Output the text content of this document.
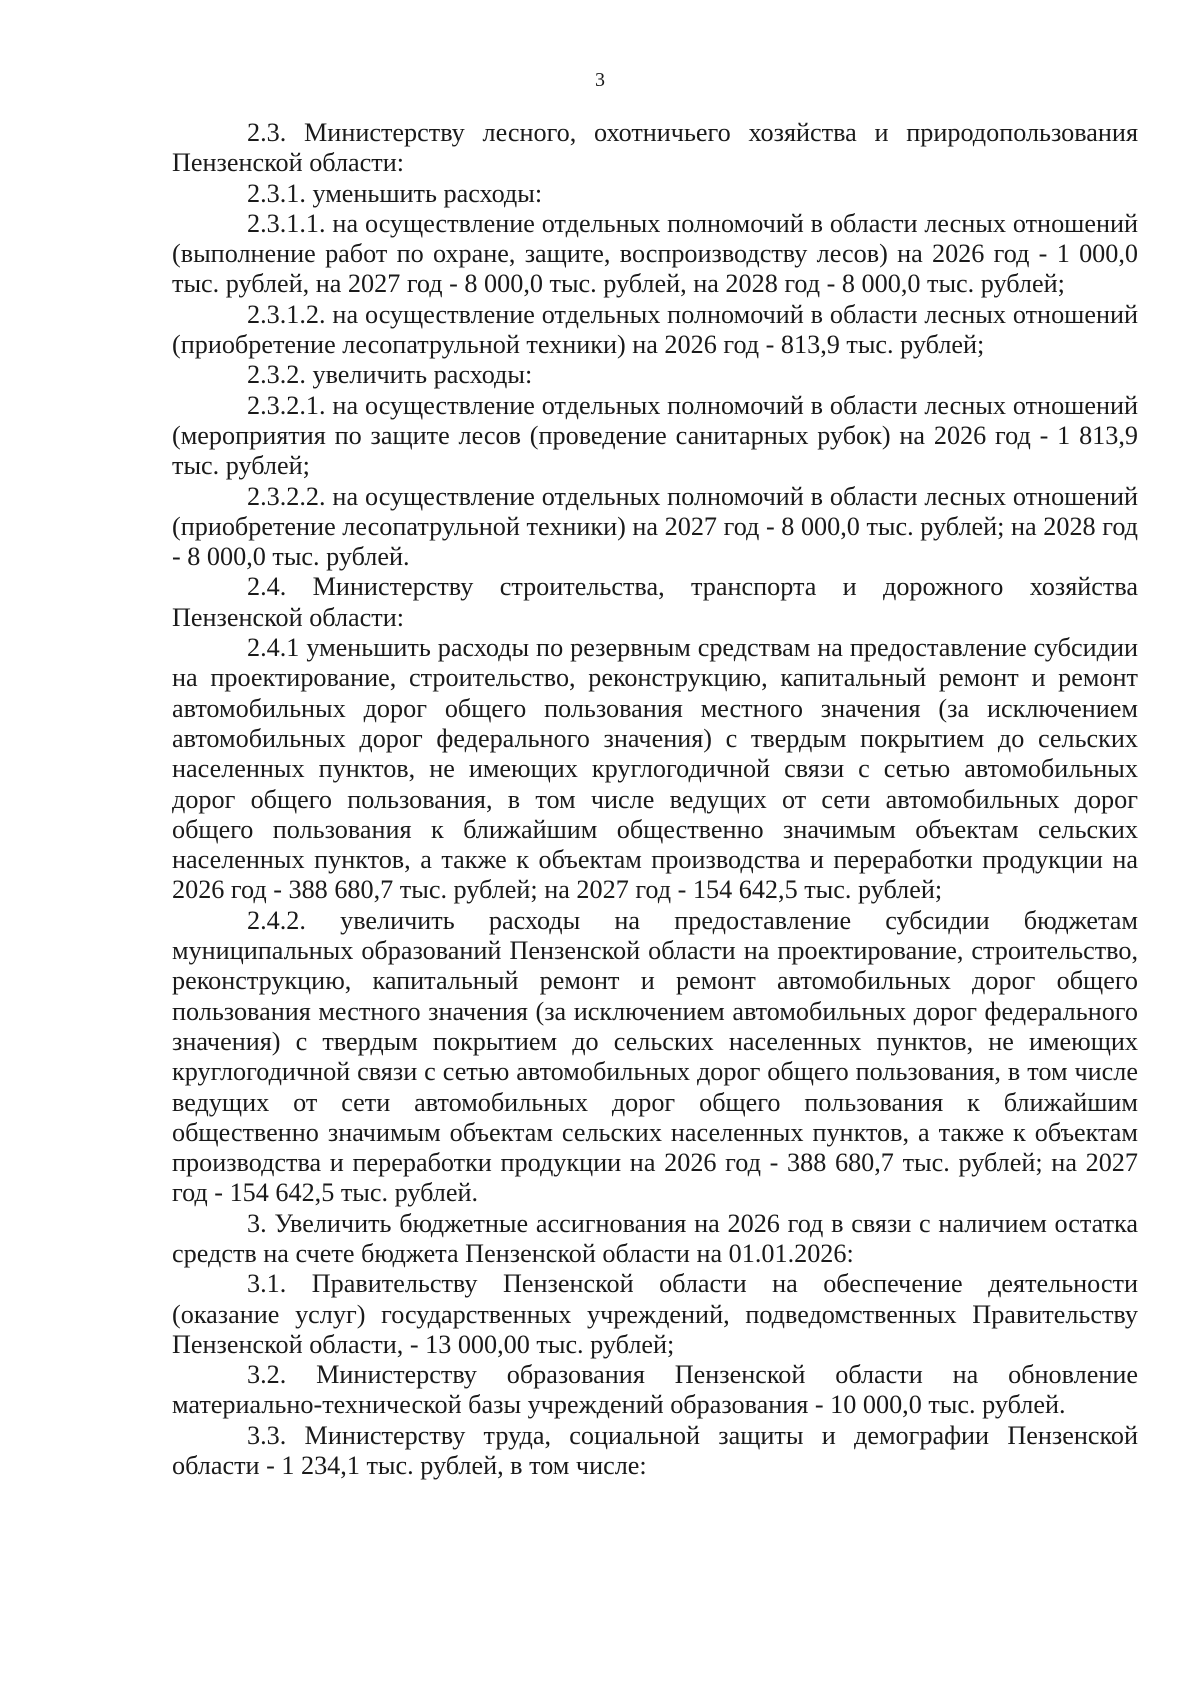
3

2.3. Министерству лесного, охотничьего хозяйства и природопользования Пензенской области:

2.3.1. уменьшить расходы:

2.3.1.1. на осуществление отдельных полномочий в области лесных отношений (выполнение работ по охране, защите, воспроизводству лесов) на 2026 год - 1 000,0 тыс. рублей, на 2027 год - 8 000,0 тыс. рублей, на 2028 год - 8 000,0 тыс. рублей;

2.3.1.2. на осуществление отдельных полномочий в области лесных отношений (приобретение лесопатрульной техники) на 2026 год - 813,9 тыс. рублей;

2.3.2. увеличить расходы:

2.3.2.1. на осуществление отдельных полномочий в области лесных отношений (мероприятия по защите лесов (проведение санитарных рубок) на 2026 год - 1 813,9 тыс. рублей;

2.3.2.2. на осуществление отдельных полномочий в области лесных отношений (приобретение лесопатрульной техники) на 2027 год - 8 000,0 тыс. рублей; на 2028 год - 8 000,0 тыс. рублей.

2.4. Министерству строительства, транспорта и дорожного хозяйства Пензенской области:

2.4.1 уменьшить расходы по резервным средствам на предоставление субсидии на проектирование, строительство, реконструкцию, капитальный ремонт и ремонт автомобильных дорог общего пользования местного значения (за исключением автомобильных дорог федерального значения) с твердым покрытием до сельских населенных пунктов, не имеющих круглогодичной связи с сетью автомобильных дорог общего пользования, в том числе ведущих от сети автомобильных дорог общего пользования к ближайшим общественно значимым объектам сельских населенных пунктов, а также к объектам производства и переработки продукции на 2026 год - 388 680,7 тыс. рублей; на 2027 год - 154 642,5 тыс. рублей;

2.4.2. увеличить расходы на предоставление субсидии бюджетам муниципальных образований Пензенской области на проектирование, строительство, реконструкцию, капитальный ремонт и ремонт автомобильных дорог общего пользования местного значения (за исключением автомобильных дорог федерального значения) с твердым покрытием до сельских населенных пунктов, не имеющих круглогодичной связи с сетью автомобильных дорог общего пользования, в том числе ведущих от сети автомобильных дорог общего пользования к ближайшим общественно значимым объектам сельских населенных пунктов, а также к объектам производства и переработки продукции на 2026 год - 388 680,7 тыс. рублей; на 2027 год - 154 642,5 тыс. рублей.

3. Увеличить бюджетные ассигнования на 2026 год в связи с наличием остатка средств на счете бюджета Пензенской области на 01.01.2026:

3.1. Правительству Пензенской области на обеспечение деятельности (оказание услуг) государственных учреждений, подведомственных Правительству Пензенской области, - 13 000,00 тыс. рублей;

3.2. Министерству образования Пензенской области на обновление материально-технической базы учреждений образования - 10 000,0 тыс. рублей.

3.3. Министерству труда, социальной защиты и демографии Пензенской области - 1 234,1 тыс. рублей, в том числе:
